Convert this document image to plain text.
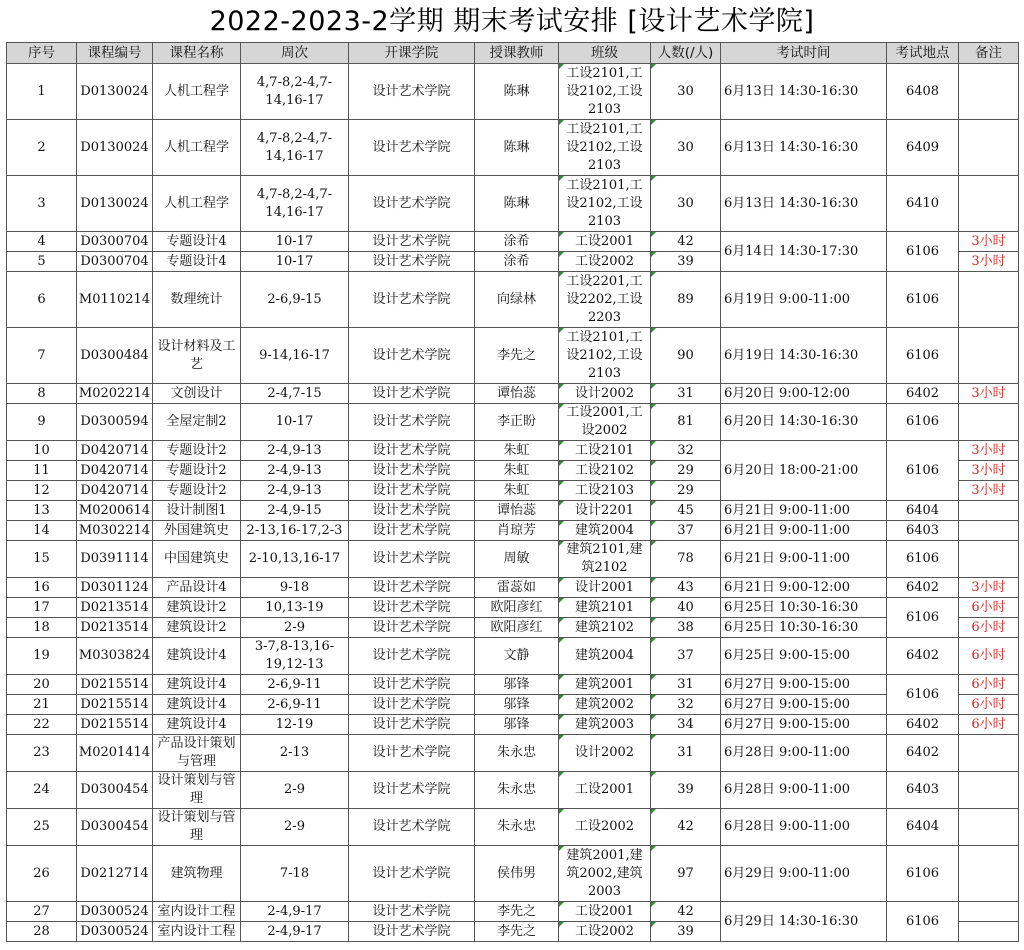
2022-2023-2学期 期末考试安排 [设计艺术学院]
序号	课程编号	课程名称	周次	开课学院	授课教师	班级	人数(/人)	考试时间	考试地点	备注
1	D0130024	人机工程学	4,7-8,2-4,7-14,16-17	设计艺术学院	陈琳	工设2101,工设2102,工设2103	30	6月13日 14:30-16:30	6408	
2	D0130024	人机工程学	4,7-8,2-4,7-14,16-17	设计艺术学院	陈琳	工设2101,工设2102,工设2103	30	6月13日 14:30-16:30	6409	
3	D0130024	人机工程学	4,7-8,2-4,7-14,16-17	设计艺术学院	陈琳	工设2101,工设2102,工设2103	30	6月13日 14:30-16:30	6410	
4	D0300704	专题设计4	10-17	设计艺术学院	涂希	工设2001	42	6月14日 14:30-17:30	6106	3小时
5	D0300704	专题设计4	10-17	设计艺术学院	涂希	工设2002	39			3小时
6	M0110214	数理统计	2-6,9-15	设计艺术学院	向绿林	工设2201,工设2202,工设2203	89	6月19日 9:00-11:00	6106	
7	D0300484	设计材料及工艺	9-14,16-17	设计艺术学院	李先之	工设2101,工设2102,工设2103	90	6月19日 14:30-16:30	6106	
8	M0202214	文创设计	2-4,7-15	设计艺术学院	谭怡蕊	设计2002	31	6月20日 9:00-12:00	6402	3小时
9	D0300594	全屋定制2	10-17	设计艺术学院	李正盼	工设2001,工设2002	81	6月20日 14:30-16:30	6106	
10	D0420714	专题设计2	2-4,9-13	设计艺术学院	朱虹	工设2101	32	6月20日 18:00-21:00	6106	3小时
11	D0420714	专题设计2	2-4,9-13	设计艺术学院	朱虹	工设2102	29			3小时
12	D0420714	专题设计2	2-4,9-13	设计艺术学院	朱虹	工设2103	29			3小时
13	M0200614	设计制图1	2-4,9-15	设计艺术学院	谭怡蕊	设计2201	45	6月21日 9:00-11:00	6404	
14	M0302214	外国建筑史	2-13,16-17,2-3	设计艺术学院	肖琼芳	建筑2004	37	6月21日 9:00-11:00	6403	
15	D0391114	中国建筑史	2-10,13,16-17	设计艺术学院	周敏	建筑2101,建筑2102	78	6月21日 9:00-11:00	6106	
16	D0301124	产品设计4	9-18	设计艺术学院	雷蕊如	设计2001	43	6月21日 9:00-12:00	6402	3小时
17	D0213514	建筑设计2	10,13-19	设计艺术学院	欧阳彦红	建筑2101	40	6月25日 10:30-16:30	6106	6小时
18	D0213514	建筑设计2	2-9	设计艺术学院	欧阳彦红	建筑2102	38	6月25日 10:30-16:30		6小时
19	M0303824	建筑设计4	3-7,8-13,16-19,12-13	设计艺术学院	文静	建筑2004	37	6月25日 9:00-15:00	6402	6小时
20	D0215514	建筑设计4	2-6,9-11	设计艺术学院	邬锋	建筑2001	31	6月27日 9:00-15:00	6106	6小时
21	D0215514	建筑设计4	2-6,9-11	设计艺术学院	邬锋	建筑2002	32	6月27日 9:00-15:00		6小时
22	D0215514	建筑设计4	12-19	设计艺术学院	邬锋	建筑2003	34	6月27日 9:00-15:00	6402	6小时
23	M0201414	产品设计策划与管理	2-13	设计艺术学院	朱永忠	设计2002	31	6月28日 9:00-11:00	6402	
24	D0300454	设计策划与管理	2-9	设计艺术学院	朱永忠	工设2001	39	6月28日 9:00-11:00	6403	
25	D0300454	设计策划与管理	2-9	设计艺术学院	朱永忠	工设2002	42	6月28日 9:00-11:00	6404	
26	D0212714	建筑物理	7-18	设计艺术学院	侯伟男	建筑2001,建筑2002,建筑2003	97	6月29日 9:00-11:00	6106	
27	D0300524	室内设计工程	2-4,9-17	设计艺术学院	李先之	工设2001	42	6月29日 14:30-16:30	6106	
28	D0300524	室内设计工程	2-4,9-17	设计艺术学院	李先之	工设2002	39			
